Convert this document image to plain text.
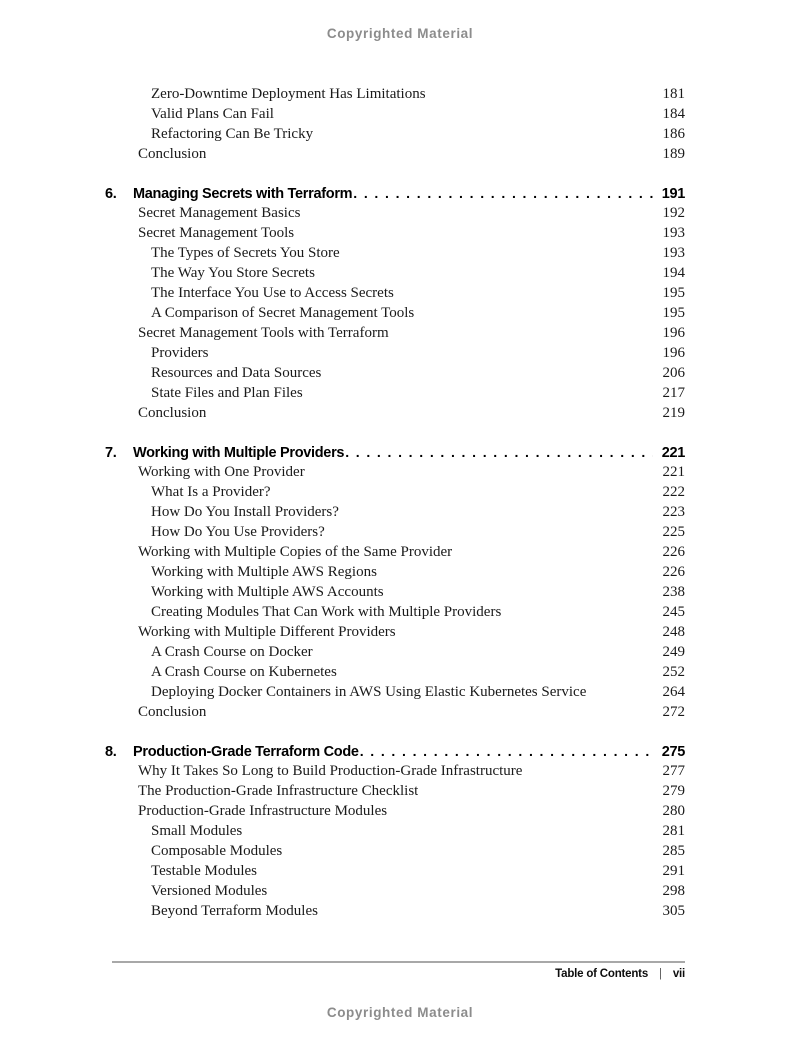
Copyrighted Material
Zero-Downtime Deployment Has Limitations	181
Valid Plans Can Fail	184
Refactoring Can Be Tricky	186
Conclusion	189
6.	Managing Secrets with Terraform . . .	191
Secret Management Basics	192
Secret Management Tools	193
The Types of Secrets You Store	193
The Way You Store Secrets	194
The Interface You Use to Access Secrets	195
A Comparison of Secret Management Tools	195
Secret Management Tools with Terraform	196
Providers	196
Resources and Data Sources	206
State Files and Plan Files	217
Conclusion	219
7.	Working with Multiple Providers . . .	221
Working with One Provider	221
What Is a Provider?	222
How Do You Install Providers?	223
How Do You Use Providers?	225
Working with Multiple Copies of the Same Provider	226
Working with Multiple AWS Regions	226
Working with Multiple AWS Accounts	238
Creating Modules That Can Work with Multiple Providers	245
Working with Multiple Different Providers	248
A Crash Course on Docker	249
A Crash Course on Kubernetes	252
Deploying Docker Containers in AWS Using Elastic Kubernetes Service	264
Conclusion	272
8.	Production-Grade Terraform Code . . .	275
Why It Takes So Long to Build Production-Grade Infrastructure	277
The Production-Grade Infrastructure Checklist	279
Production-Grade Infrastructure Modules	280
Small Modules	281
Composable Modules	285
Testable Modules	291
Versioned Modules	298
Beyond Terraform Modules	305
Table of Contents | vii
Copyrighted Material
